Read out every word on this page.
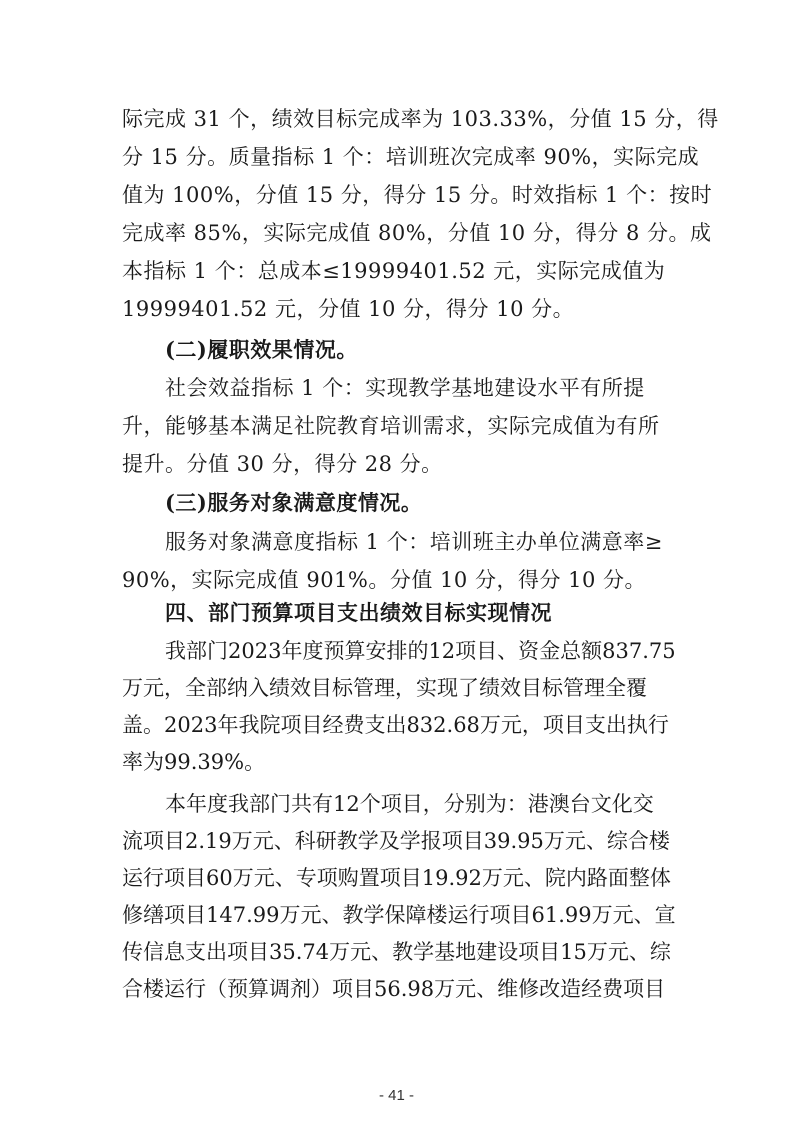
际完成 31 个，绩效目标完成率为 103.33%，分值 15 分，得
分 15 分。质量指标 1 个：培训班次完成率 90%，实际完成
值为 100%，分值 15 分，得分 15 分。时效指标 1 个：按时
完成率 85%，实际完成值 80%，分值 10 分，得分 8 分。成
本指标 1 个：总成本≤19999401.52 元，实际完成值为
19999401.52 元，分值 10 分，得分 10 分。
(二)履职效果情况。
社会效益指标 1 个：实现教学基地建设水平有所提
升，能够基本满足社院教育培训需求，实际完成值为有所
提升。分值 30 分，得分 28 分。
(三)服务对象满意度情况。
服务对象满意度指标 1 个：培训班主办单位满意率≥
90%，实际完成值 901%。分值 10 分，得分 10 分。
四、部门预算项目支出绩效目标实现情况
我部门2023年度预算安排的12项目、资金总额837.75
万元，全部纳入绩效目标管理，实现了绩效目标管理全覆
盖。2023年我院项目经费支出832.68万元，项目支出执行
率为99.39%。
本年度我部门共有12个项目，分别为：港澳台文化交
流项目2.19万元、科研教学及学报项目39.95万元、综合楼
运行项目60万元、专项购置项目19.92万元、院内路面整体
修缮项目147.99万元、教学保障楼运行项目61.99万元、宣
传信息支出项目35.74万元、教学基地建设项目15万元、综
合楼运行（预算调剂）项目56.98万元、维修改造经费项目
- 41 -
